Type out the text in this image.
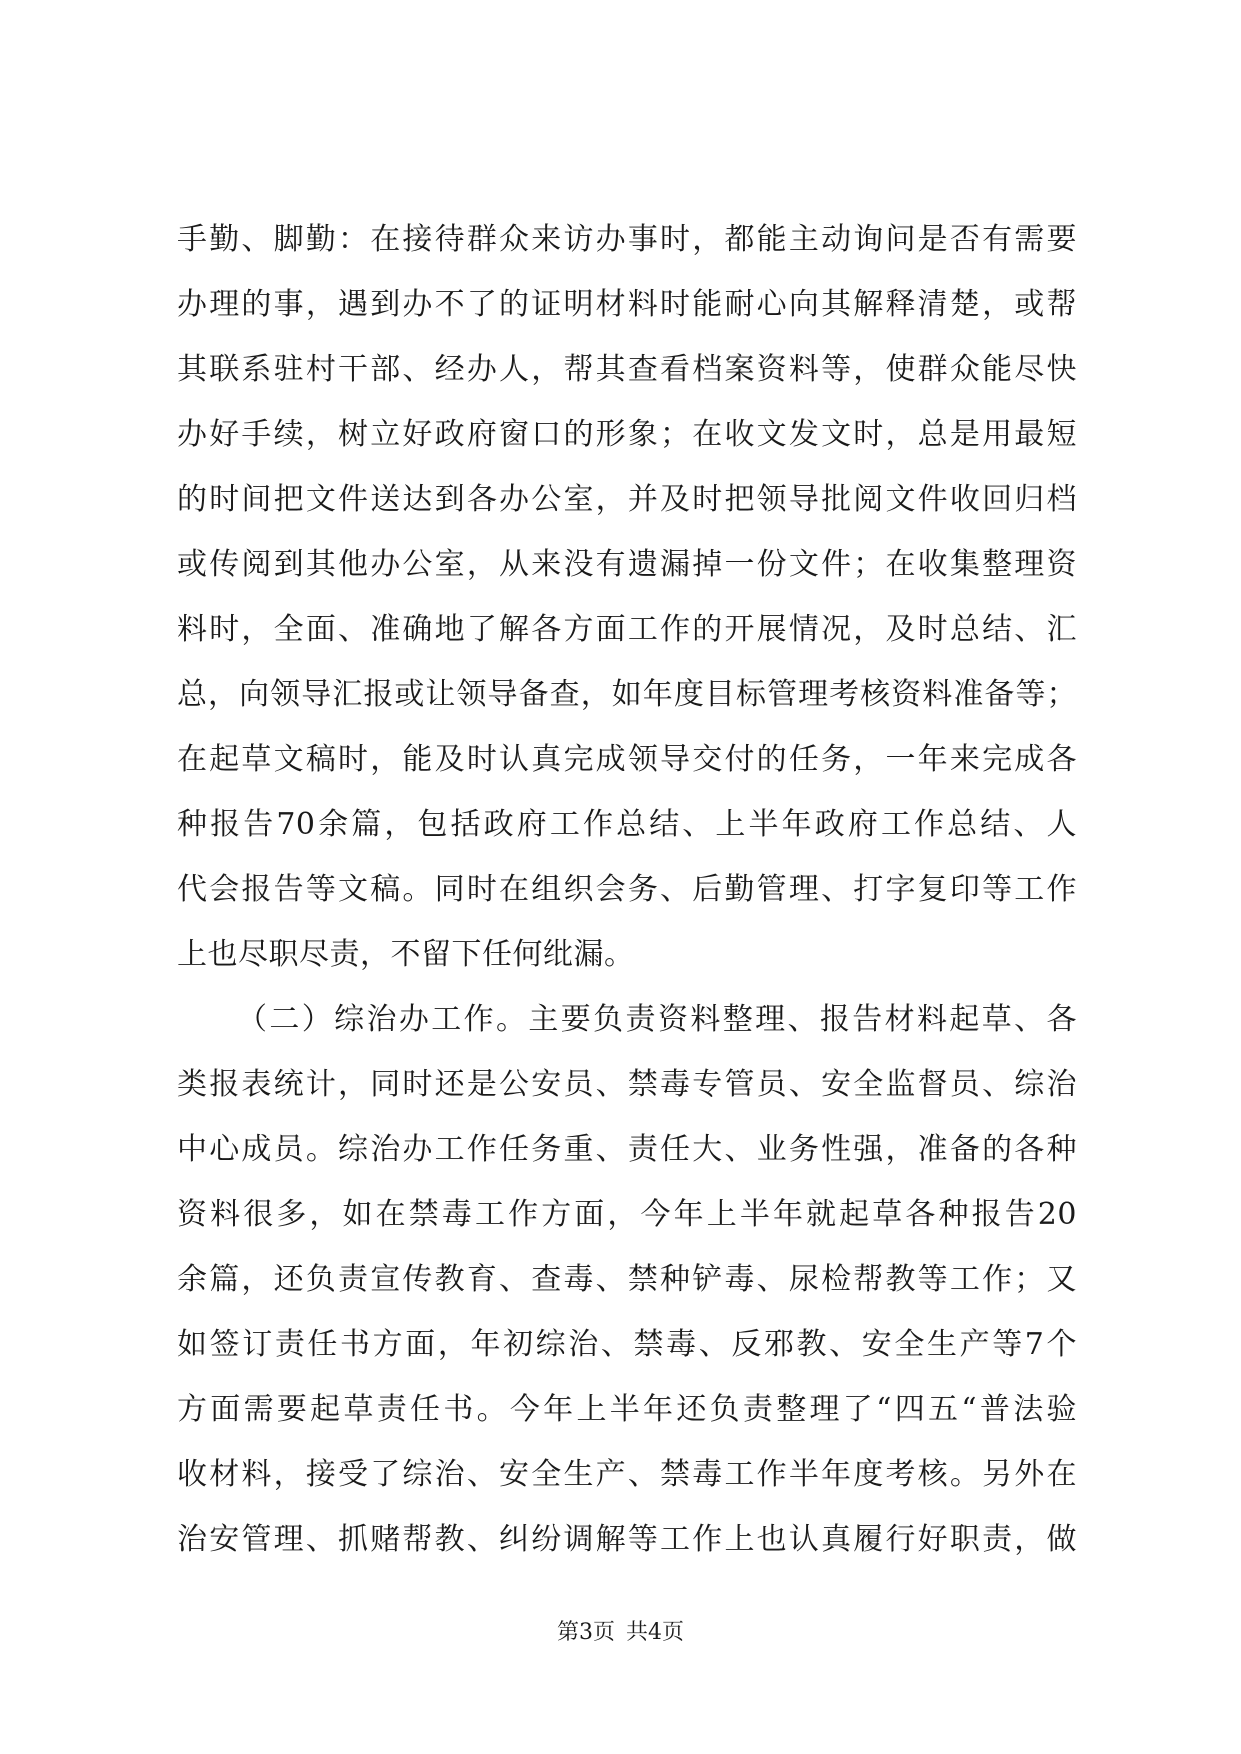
手勤、脚勤：在接待群众来访办事时，都能主动询问是否有需要
办理的事，遇到办不了的证明材料时能耐心向其解释清楚，或帮
其联系驻村干部、经办人，帮其查看档案资料等，使群众能尽快
办好手续，树立好政府窗口的形象；在收文发文时，总是用最短
的时间把文件送达到各办公室，并及时把领导批阅文件收回归档
或传阅到其他办公室，从来没有遗漏掉一份文件；在收集整理资
料时，全面、准确地了解各方面工作的开展情况，及时总结、汇
总，向领导汇报或让领导备查，如年度目标管理考核资料准备等；
在起草文稿时，能及时认真完成领导交付的任务，一年来完成各
种报告70余篇，包括政府工作总结、上半年政府工作总结、人
代会报告等文稿。同时在组织会务、后勤管理、打字复印等工作
上也尽职尽责，不留下任何纰漏。
（二）综治办工作。主要负责资料整理、报告材料起草、各
类报表统计，同时还是公安员、禁毒专管员、安全监督员、综治
中心成员。综治办工作任务重、责任大、业务性强，准备的各种
资料很多，如在禁毒工作方面，今年上半年就起草各种报告20
余篇，还负责宣传教育、查毒、禁种铲毒、尿检帮教等工作；又
如签订责任书方面，年初综治、禁毒、反邪教、安全生产等7个
方面需要起草责任书。今年上半年还负责整理了“四五“普法验
收材料，接受了综治、安全生产、禁毒工作半年度考核。另外在
治安管理、抓赌帮教、纠纷调解等工作上也认真履行好职责，做
第3页 共4页
